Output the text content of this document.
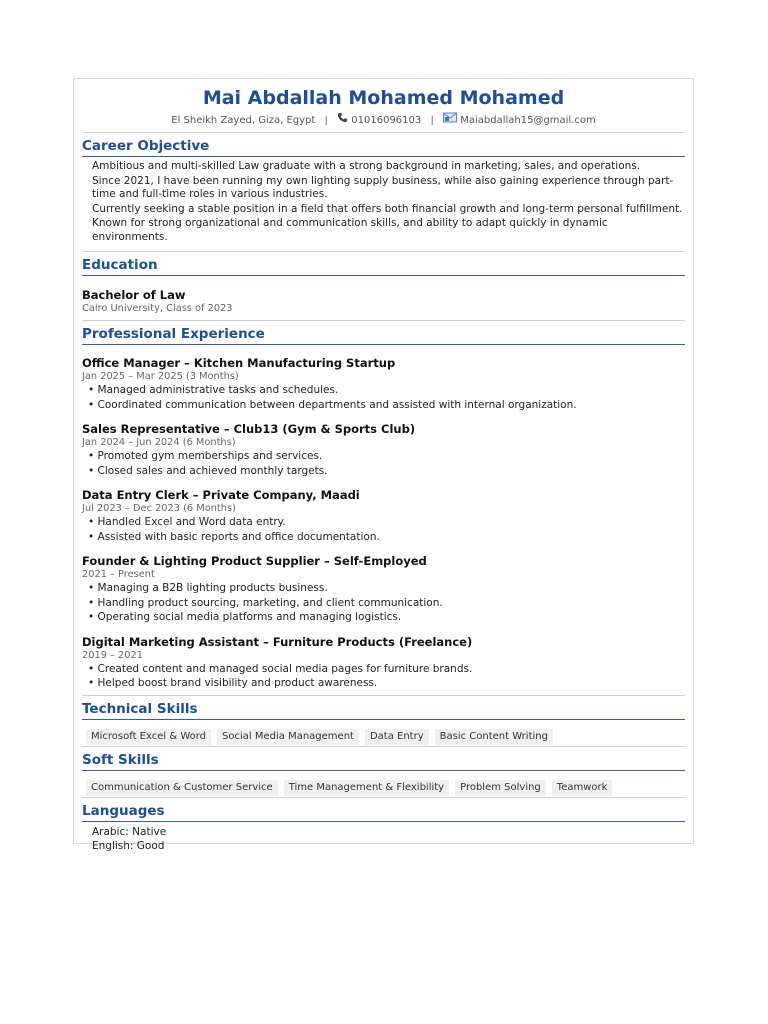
Mai Abdallah Mohamed Mohamed
El Sheikh Zayed, Giza, Egypt | 01016096103 |	Maiabdallah15@gmail.com
Career Objective
Ambitious and multi-skilled Law graduate with a strong background in marketing, sales, and operations.
Since 2021, I have been running my own lighting supply business, while also gaining experience through part-time and full-time roles in various industries.
Currently seeking a stable position in a field that offers both financial growth and long-term personal fulfillment.
Known for strong organizational and communication skills, and ability to adapt quickly in dynamic environments.
Education
Bachelor of Law
Cairo University, Class of 2023
Professional Experience
Office Manager – Kitchen Manufacturing Startup
Jan 2025 – Mar 2025 (3 Months)
• Managed administrative tasks and schedules.
• Coordinated communication between departments and assisted with internal organization.
Sales Representative – Club13 (Gym & Sports Club)
Jan 2024 – Jun 2024 (6 Months)
• Promoted gym memberships and services.
• Closed sales and achieved monthly targets.
Data Entry Clerk – Private Company, Maadi
Jul 2023 – Dec 2023 (6 Months)
• Handled Excel and Word data entry.
• Assisted with basic reports and office documentation.
Founder & Lighting Product Supplier – Self-Employed
2021 – Present
• Managing a B2B lighting products business.
• Handling product sourcing, marketing, and client communication.
• Operating social media platforms and managing logistics.
Digital Marketing Assistant – Furniture Products (Freelance)
2019 – 2021
• Created content and managed social media pages for furniture brands.
• Helped boost brand visibility and product awareness.
Technical Skills
Microsoft Excel & Word Social Media Management Data Entry Basic Content Writing
Soft Skills
Communication & Customer Service Time Management & Flexibility Problem Solving Teamwork
Languages
Arabic: Native
English: Good
